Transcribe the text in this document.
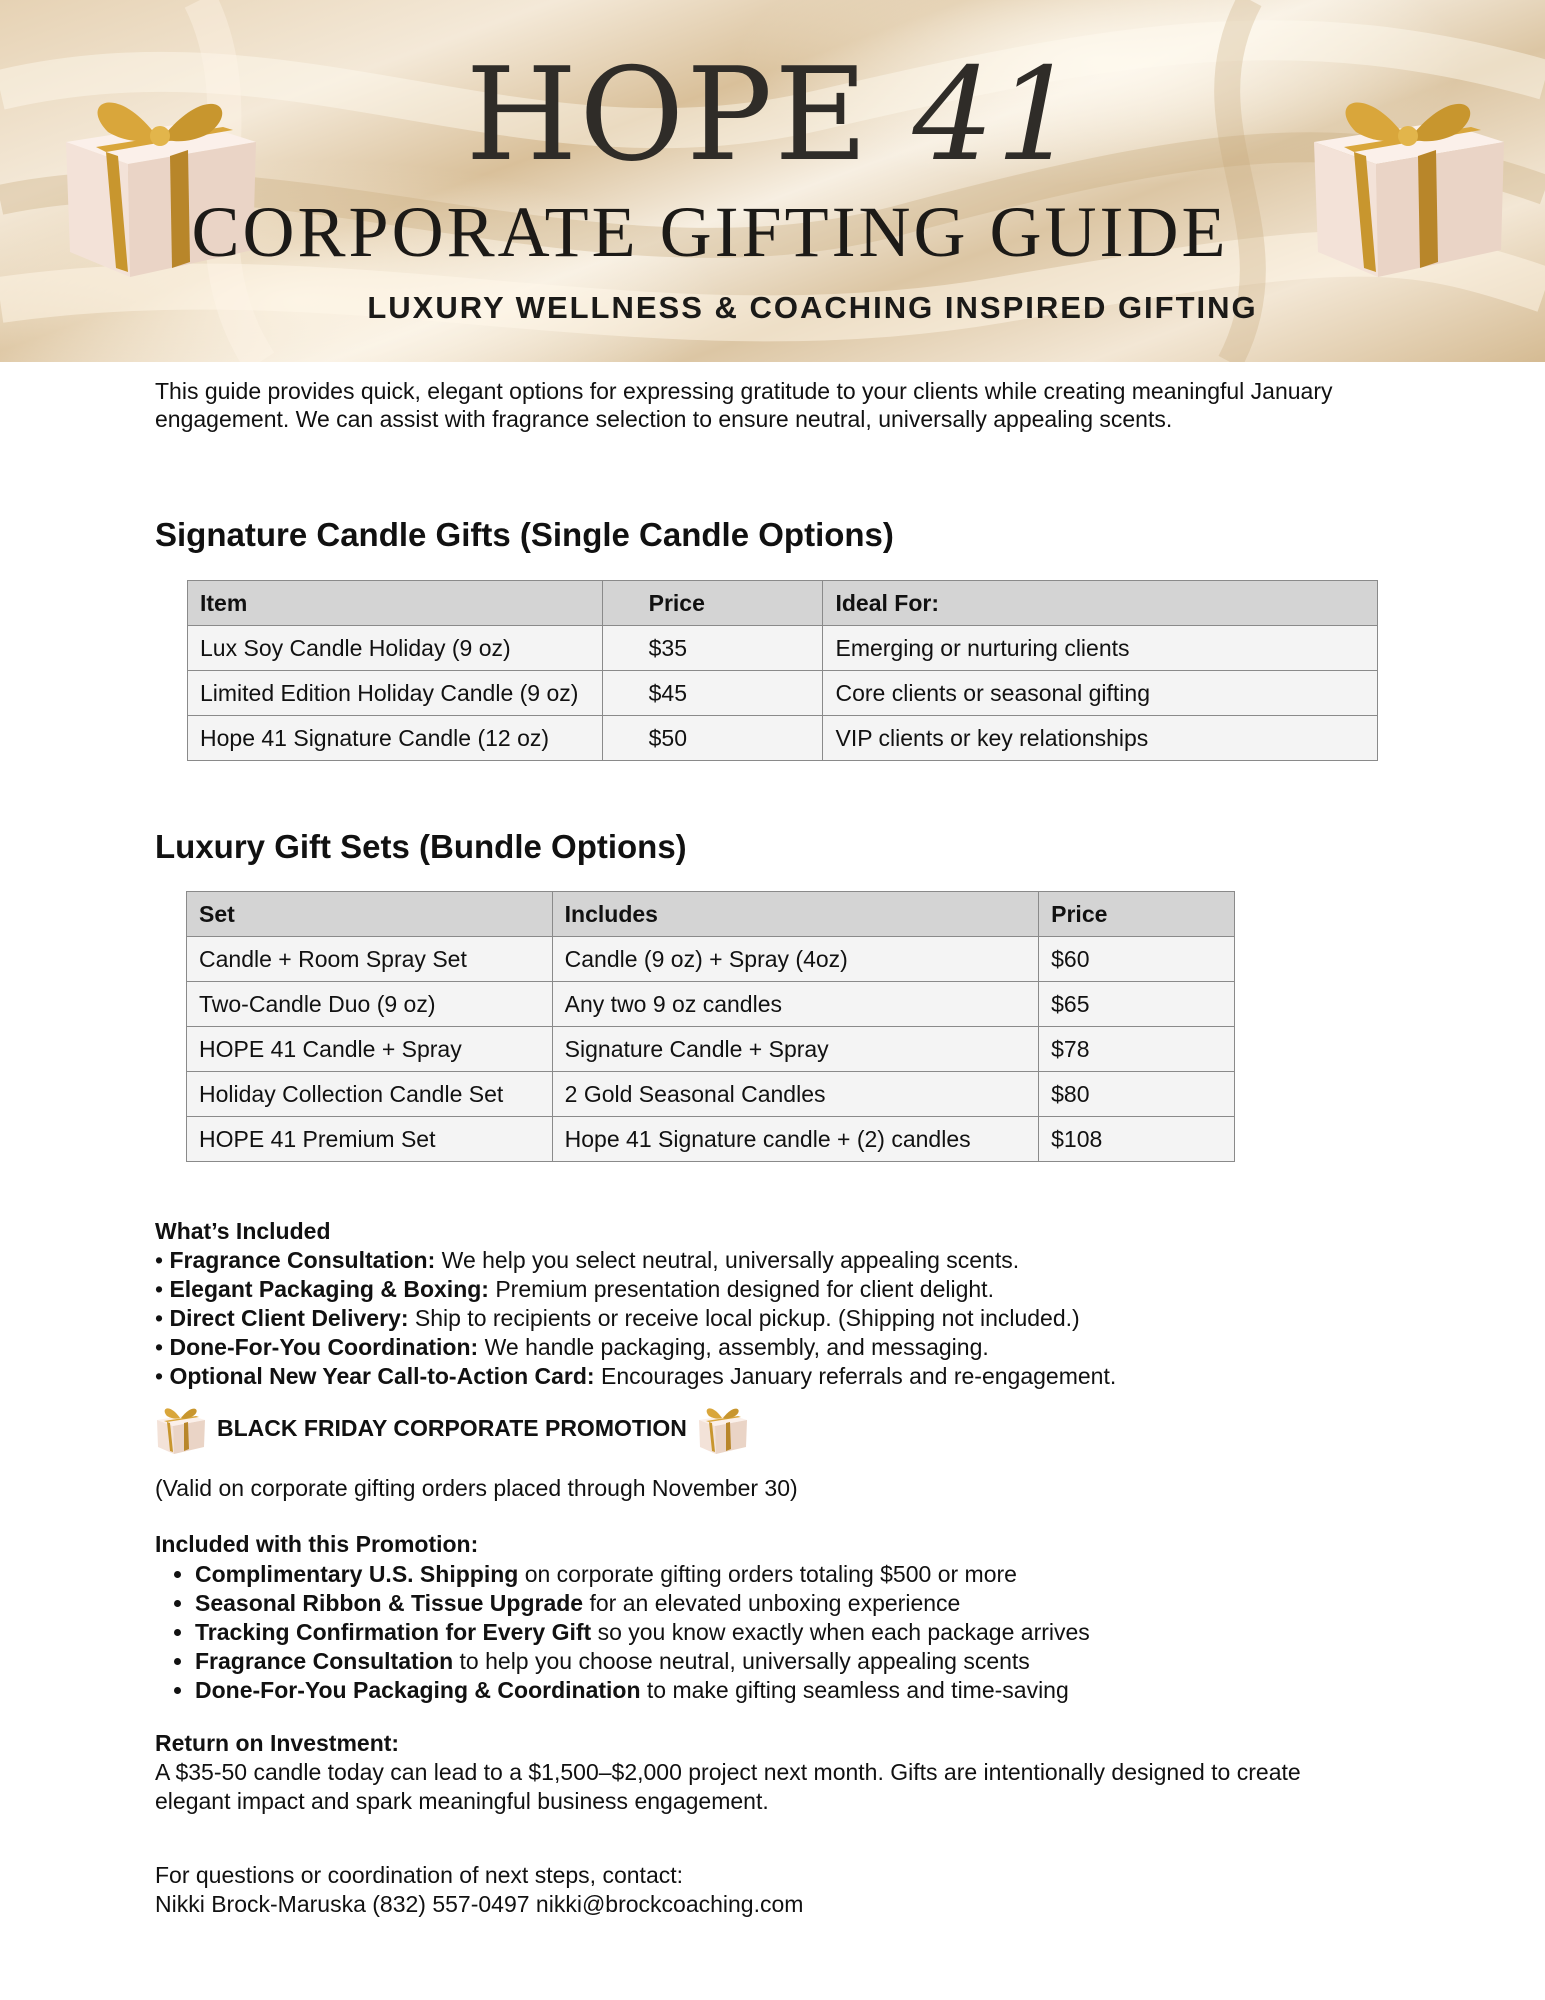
HOPE 41
CORPORATE GIFTING GUIDE
LUXURY WELLNESS & COACHING INSPIRED GIFTING
This guide provides quick, elegant options for expressing gratitude to your clients while creating meaningful January engagement. We can assist with fragrance selection to ensure neutral, universally appealing scents.
Signature Candle Gifts (Single Candle Options)
Item	Price	Ideal For:
Lux Soy Candle Holiday (9 oz)	$35	Emerging or nurturing clients
Limited Edition Holiday Candle (9 oz)	$45	Core clients or seasonal gifting
Hope 41 Signature Candle (12 oz)	$50	VIP clients or key relationships
Luxury Gift Sets (Bundle Options)
Set	Includes	Price
Candle + Room Spray Set	Candle (9 oz) + Spray (4oz)	$60
Two-Candle Duo (9 oz)	Any two 9 oz candles	$65
HOPE 41 Candle + Spray	Signature Candle + Spray	$78
Holiday Collection Candle Set	2 Gold Seasonal Candles	$80
HOPE 41 Premium Set	Hope 41 Signature candle + (2) candles	$108
What’s Included
• Fragrance Consultation: We help you select neutral, universally appealing scents.
• Elegant Packaging & Boxing: Premium presentation designed for client delight.
• Direct Client Delivery: Ship to recipients or receive local pickup. (Shipping not included.)
• Done-For-You Coordination: We handle packaging, assembly, and messaging.
• Optional New Year Call-to-Action Card: Encourages January referrals and re-engagement.
BLACK FRIDAY CORPORATE PROMOTION
(Valid on corporate gifting orders placed through November 30)
Included with this Promotion:
• Complimentary U.S. Shipping on corporate gifting orders totaling $500 or more
• Seasonal Ribbon & Tissue Upgrade for an elevated unboxing experience
• Tracking Confirmation for Every Gift so you know exactly when each package arrives
• Fragrance Consultation to help you choose neutral, universally appealing scents
• Done-For-You Packaging & Coordination to make gifting seamless and time-saving
Return on Investment:
A $35-50 candle today can lead to a $1,500–$2,000 project next month. Gifts are intentionally designed to create elegant impact and spark meaningful business engagement.
For questions or coordination of next steps, contact:
Nikki Brock-Maruska (832) 557-0497 nikki@brockcoaching.com
